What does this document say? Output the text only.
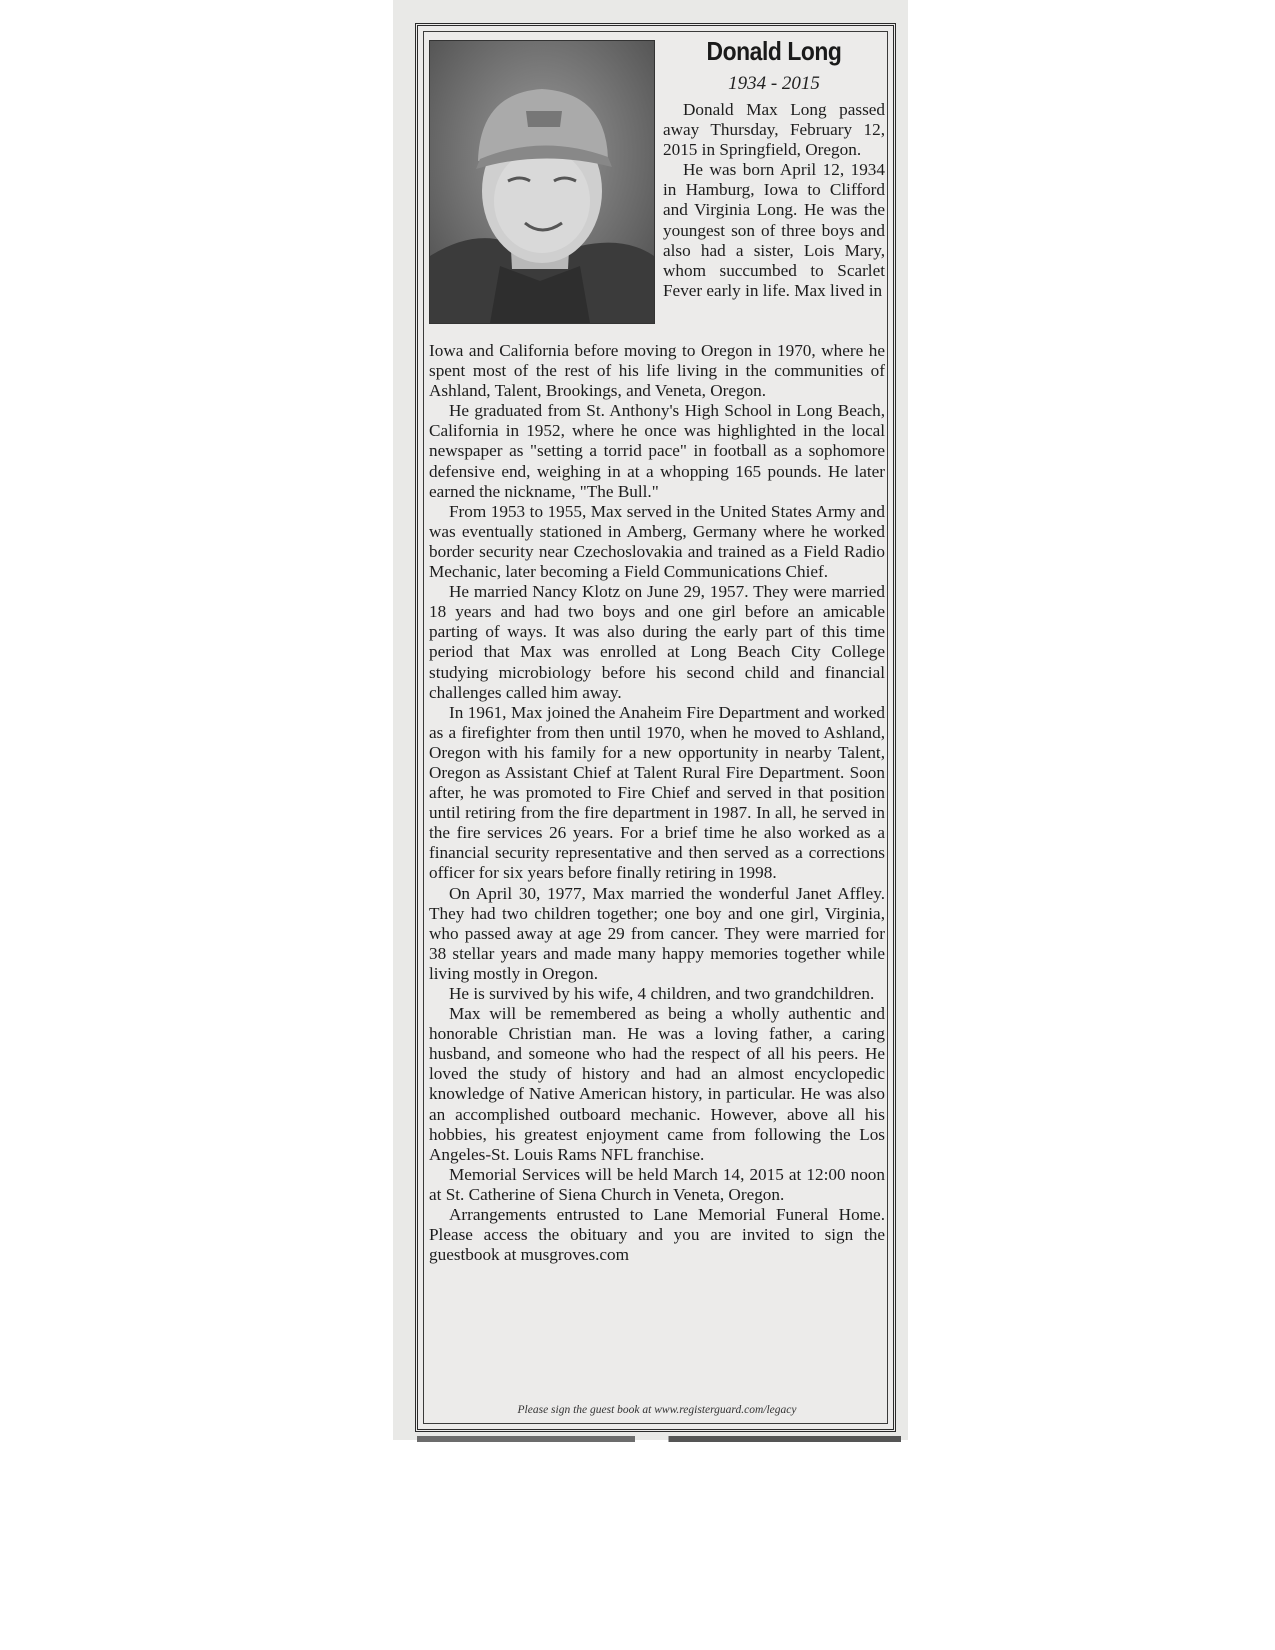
Donald Long
1934 - 2015

Donald Max Long passed away Thursday, February 12, 2015 in Springfield, Oregon.

He was born April 12, 1934 in Hamburg, Iowa to Clifford and Virginia Long. He was the youngest son of three boys and also had a sister, Lois Mary, whom succumbed to Scarlet Fever early in life. Max lived in

Iowa and California before moving to Oregon in 1970, where he spent most of the rest of his life living in the communities of Ashland, Talent, Brookings, and Veneta, Oregon.

He graduated from St. Anthony's High School in Long Beach, California in 1952, where he once was highlighted in the local newspaper as "setting a torrid pace" in football as a sophomore defensive end, weighing in at a whopping 165 pounds. He later earned the nickname, "The Bull."

From 1953 to 1955, Max served in the United States Army and was eventually stationed in Amberg, Germany where he worked border security near Czechoslovakia and trained as a Field Radio Mechanic, later becoming a Field Communications Chief.

He married Nancy Klotz on June 29, 1957. They were married 18 years and had two boys and one girl before an amicable parting of ways. It was also during the early part of this time period that Max was enrolled at Long Beach City College studying microbiology before his second child and financial challenges called him away.

In 1961, Max joined the Anaheim Fire Department and worked as a firefighter from then until 1970, when he moved to Ashland, Oregon with his family for a new opportunity in nearby Talent, Oregon as Assistant Chief at Talent Rural Fire Department. Soon after, he was promoted to Fire Chief and served in that position until retiring from the fire department in 1987. In all, he served in the fire services 26 years. For a brief time he also worked as a financial security representative and then served as a corrections officer for six years before finally retiring in 1998.

On April 30, 1977, Max married the wonderful Janet Affley. They had two children together; one boy and one girl, Virginia, who passed away at age 29 from cancer. They were married for 38 stellar years and made many happy memories together while living mostly in Oregon.

He is survived by his wife, 4 children, and two grandchildren.

Max will be remembered as being a wholly authentic and honorable Christian man. He was a loving father, a caring husband, and someone who had the respect of all his peers. He loved the study of history and had an almost encyclopedic knowledge of Native American history, in particular. He was also an accomplished outboard mechanic. However, above all his hobbies, his greatest enjoyment came from following the Los Angeles-St. Louis Rams NFL franchise.

Memorial Services will be held March 14, 2015 at 12:00 noon at St. Catherine of Siena Church in Veneta, Oregon.

Arrangements entrusted to Lane Memorial Funeral Home. Please access the obituary and you are invited to sign the guestbook at musgroves.com

Please sign the guest book at www.registerguard.com/legacy
